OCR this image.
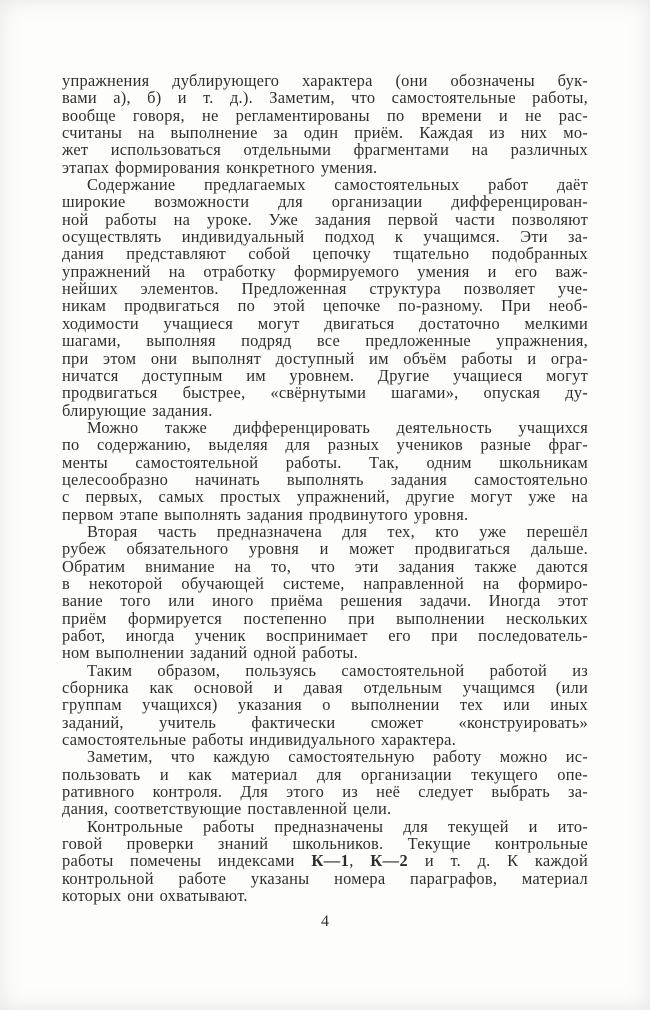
упражнения дублирующего характера (они обозначены бук-
вами а), б) и т. д.). Заметим, что самостоятельные работы,
вообще говоря, не регламентированы по времени и не рас-
считаны на выполнение за один приём. Каждая из них мо-
жет использоваться отдельными фрагментами на различных
этапах формирования конкретного умения.
Содержание предлагаемых самостоятельных работ даёт
широкие возможности для организации дифференцирован-
ной работы на уроке. Уже задания первой части позволяют
осуществлять индивидуальный подход к учащимся. Эти за-
дания представляют собой цепочку тщательно подобранных
упражнений на отработку формируемого умения и его важ-
нейших элементов. Предложенная структура позволяет уче-
никам продвигаться по этой цепочке по-разному. При необ-
ходимости учащиеся могут двигаться достаточно мелкими
шагами, выполняя подряд все предложенные упражнения,
при этом они выполнят доступный им объём работы и огра-
ничатся доступным им уровнем. Другие учащиеся могут
продвигаться быстрее, «свёрнутыми шагами», опуская ду-
блирующие задания.
Можно также дифференцировать деятельность учащихся
по содержанию, выделяя для разных учеников разные фраг-
менты самостоятельной работы. Так, одним школьникам
целесообразно начинать выполнять задания самостоятельно
с первых, самых простых упражнений, другие могут уже на
первом этапе выполнять задания продвинутого уровня.
Вторая часть предназначена для тех, кто уже перешёл
рубеж обязательного уровня и может продвигаться дальше.
Обратим внимание на то, что эти задания также даются
в некоторой обучающей системе, направленной на формиро-
вание того или иного приёма решения задачи. Иногда этот
приём формируется постепенно при выполнении нескольких
работ, иногда ученик воспринимает его при последователь-
ном выполнении заданий одной работы.
Таким образом, пользуясь самостоятельной работой из
сборника как основой и давая отдельным учащимся (или
группам учащихся) указания о выполнении тех или иных
заданий, учитель фактически сможет «конструировать»
самостоятельные работы индивидуального характера.
Заметим, что каждую самостоятельную работу можно ис-
пользовать и как материал для организации текущего опе-
ративного контроля. Для этого из неё следует выбрать за-
дания, соответствующие поставленной цели.
Контрольные работы предназначены для текущей и ито-
говой проверки знаний школьников. Текущие контрольные
работы помечены индексами К—1, К—2 и т. д. К каждой
контрольной работе указаны номера параграфов, материал
которых они охватывают.
4
